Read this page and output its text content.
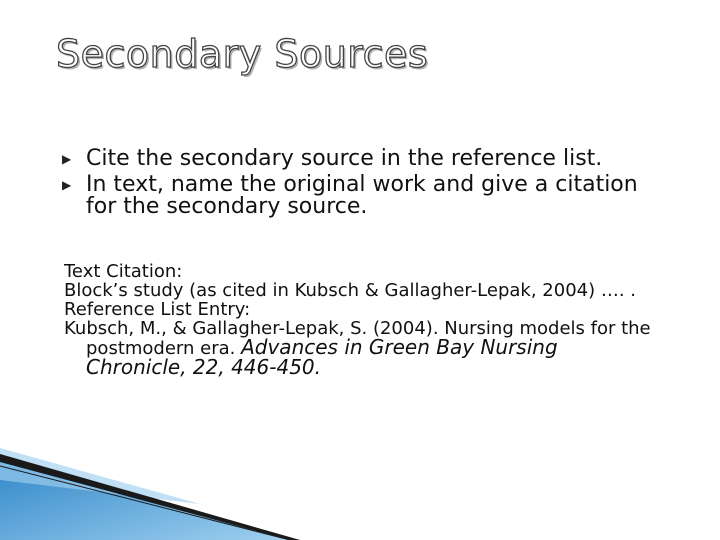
Secondary Sources
▶ Cite the secondary source in the reference list.
▶ In text, name the original work and give a citation for the secondary source.
Text Citation:
Block’s study (as cited in Kubsch & Gallagher-Lepak, 2004) …. .
Reference List Entry:
Kubsch, M., & Gallagher-Lepak, S. (2004). Nursing models for the postmodern era. Advances in Green Bay Nursing Chronicle, 22, 446-450.
